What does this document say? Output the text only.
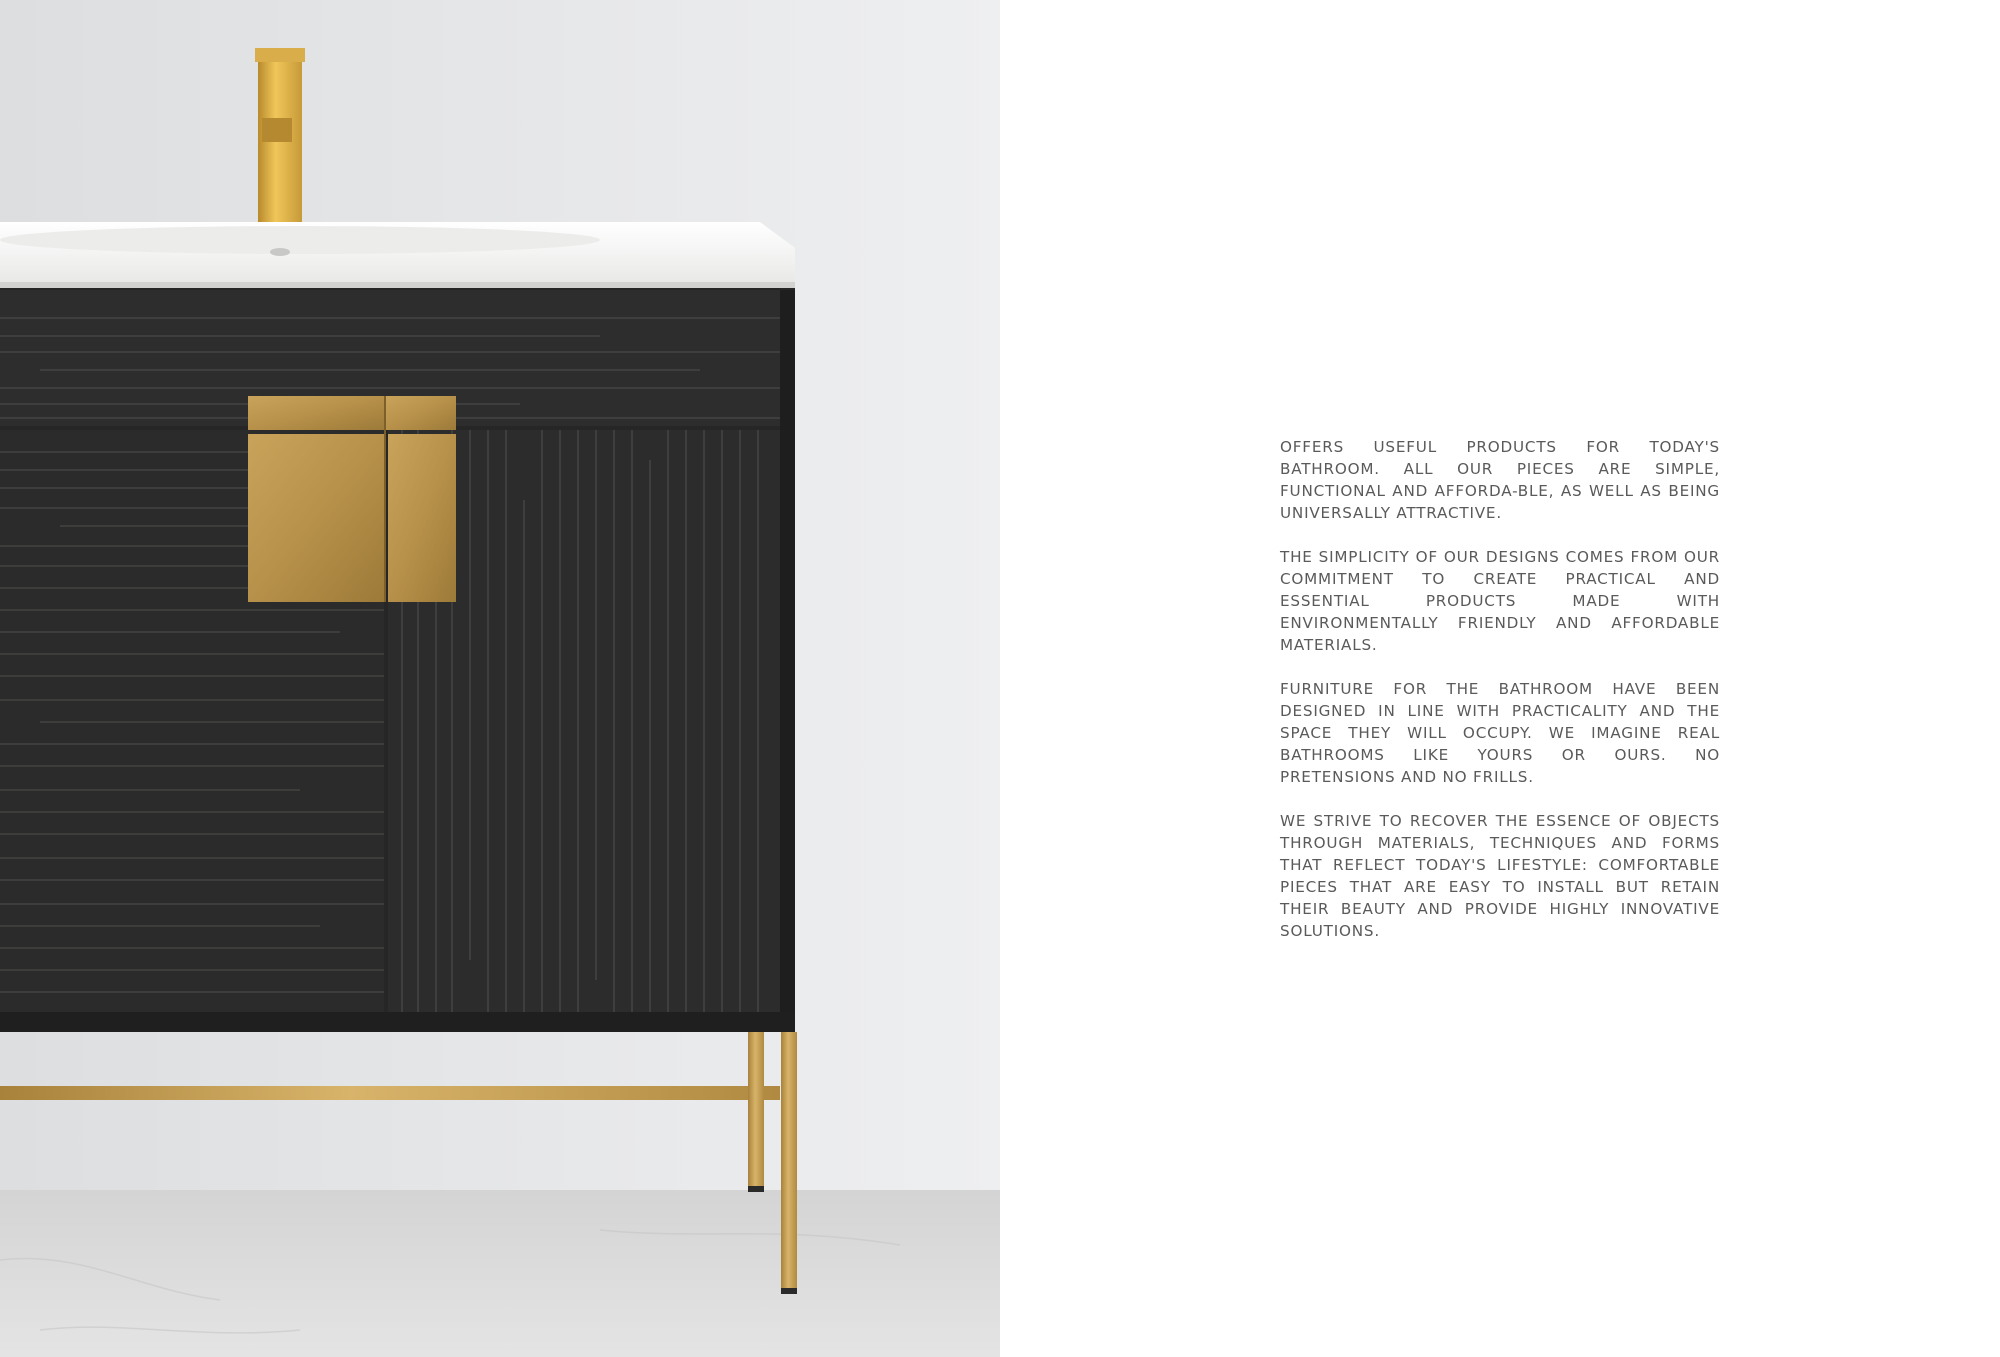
OFFERS USEFUL PRODUCTS FOR TODAY'S BATHROOM. ALL OUR PIECES ARE SIMPLE, FUNCTIONAL AND AFFORDA-BLE, AS WELL AS BEING UNIVERSALLY ATTRACTIVE.

THE SIMPLICITY OF OUR DESIGNS COMES FROM OUR COMMITMENT TO CREATE PRACTICAL AND ESSENTIAL PRODUCTS MADE WITH ENVIRONMENTALLY FRIENDLY AND AFFORDABLE MATERIALS.

FURNITURE FOR THE BATHROOM HAVE BEEN DESIGNED IN LINE WITH PRACTICALITY AND THE SPACE THEY WILL OCCUPY. WE IMAGINE REAL BATHROOMS LIKE YOURS OR OURS. NO PRETENSIONS AND NO FRILLS.

WE STRIVE TO RECOVER THE ESSENCE OF OBJECTS THROUGH MATERIALS, TECHNIQUES AND FORMS THAT REFLECT TODAY'S LIFESTYLE: COMFORTABLE PIECES THAT ARE EASY TO INSTALL BUT RETAIN THEIR BEAUTY AND PROVIDE HIGHLY INNOVATIVE SOLUTIONS.
